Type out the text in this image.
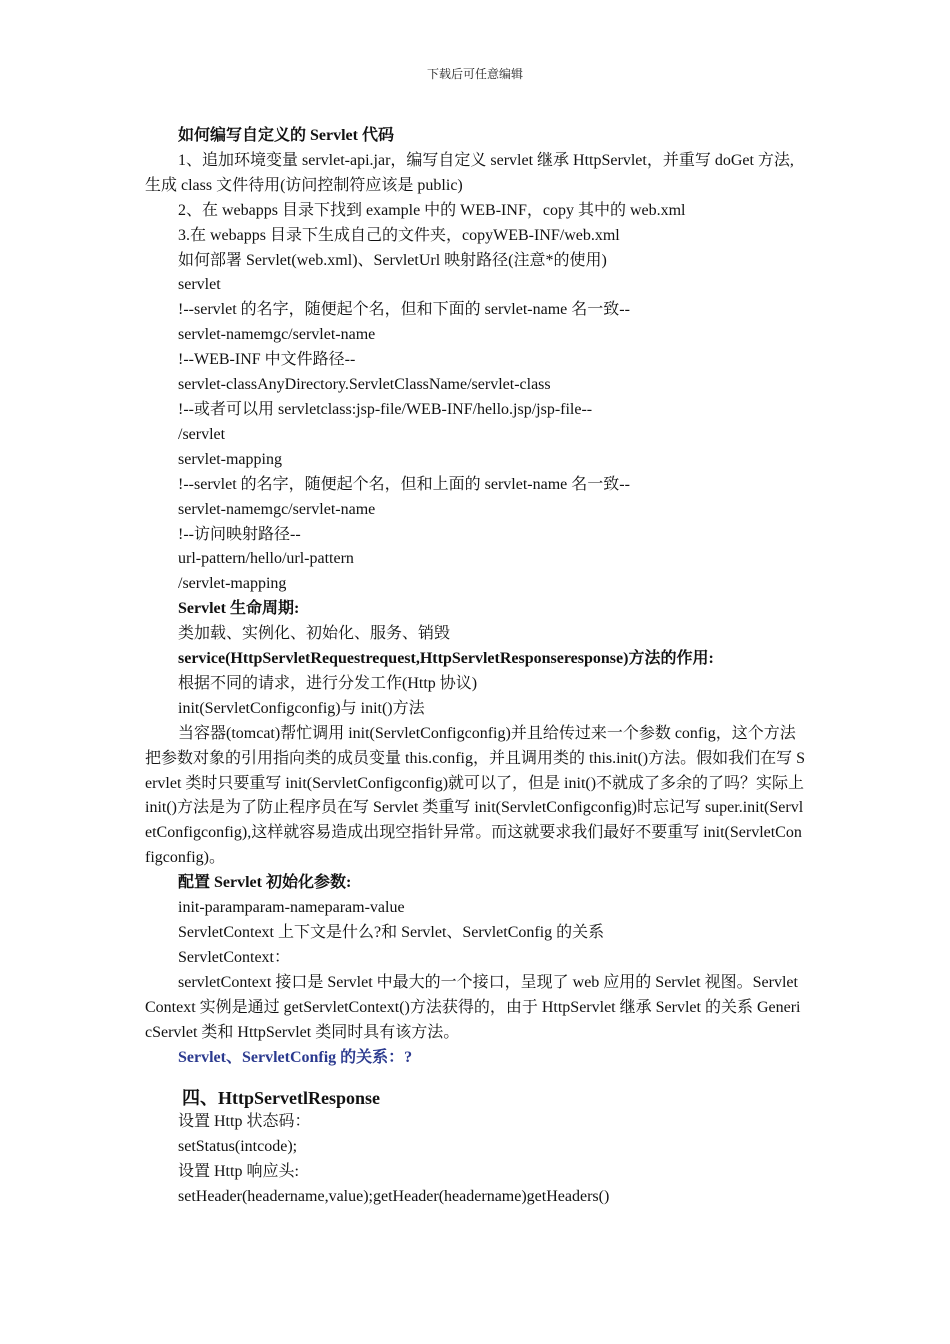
下载后可任意编辑
如何编写自定义的 Servlet 代码
1、追加环境变量 servlet-api.jar，编写自定义 servlet 继承 HttpServlet，并重写 doGet 方法,生成 class 文件待用(访问控制符应该是 public)
2、在 webapps 目录下找到 example 中的 WEB-INF，copy 其中的 web.xml
3.在 webapps 目录下生成自己的文件夹，copyWEB-INF/web.xml
如何部署 Servlet(web.xml)、ServletUrl 映射路径(注意*的使用)
servlet
!--servlet 的名字，随便起个名，但和下面的 servlet-name 名一致--
servlet-namemgc/servlet-name
!--WEB-INF 中文件路径--
servlet-classAnyDirectory.ServletClassName/servlet-class
!--或者可以用 servletclass:jsp-file/WEB-INF/hello.jsp/jsp-file--
/servlet
servlet-mapping
!--servlet 的名字，随便起个名，但和上面的 servlet-name 名一致--
servlet-namemgc/servlet-name
!--访问映射路径--
url-pattern/hello/url-pattern
/servlet-mapping
Servlet 生命周期:
类加载、实例化、初始化、服务、销毁
service(HttpServletRequestrequest,HttpServletResponseresponse)方法的作用:
根据不同的请求，进行分发工作(Http 协议)
init(ServletConfigconfig)与 init()方法
当容器(tomcat)帮忙调用 init(ServletConfigconfig)并且给传过来一个参数 config，这个方法把参数对象的引用指向类的成员变量 this.config，并且调用类的 this.init()方法。假如我们在写 Servlet 类时只要重写 init(ServletConfigconfig)就可以了，但是 init()不就成了多余的了吗？实际上 init()方法是为了防止程序员在写 Servlet 类重写 init(ServletConfigconfig)时忘记写 super.init(ServletConfigconfig),这样就容易造成出现空指针异常。而这就要求我们最好不要重写 init(ServletConfigconfig)。
配置 Servlet 初始化参数:
init-paramparam-nameparam-value
ServletContext 上下文是什么?和 Servlet、ServletConfig 的关系
ServletContext：
servletContext 接口是 Servlet 中最大的一个接口，呈现了 web 应用的 Servlet 视图。ServletContext 实例是通过 getServletContext()方法获得的，由于 HttpServlet 继承 Servlet 的关系 GenericServlet 类和 HttpServlet 类同时具有该方法。
Servlet、ServletConfig 的关系：?
四、HttpServetlResponse
设置 Http 状态码：
setStatus(intcode);
设置 Http 响应头:
setHeader(headername,value);getHeader(headername)getHeaders()
